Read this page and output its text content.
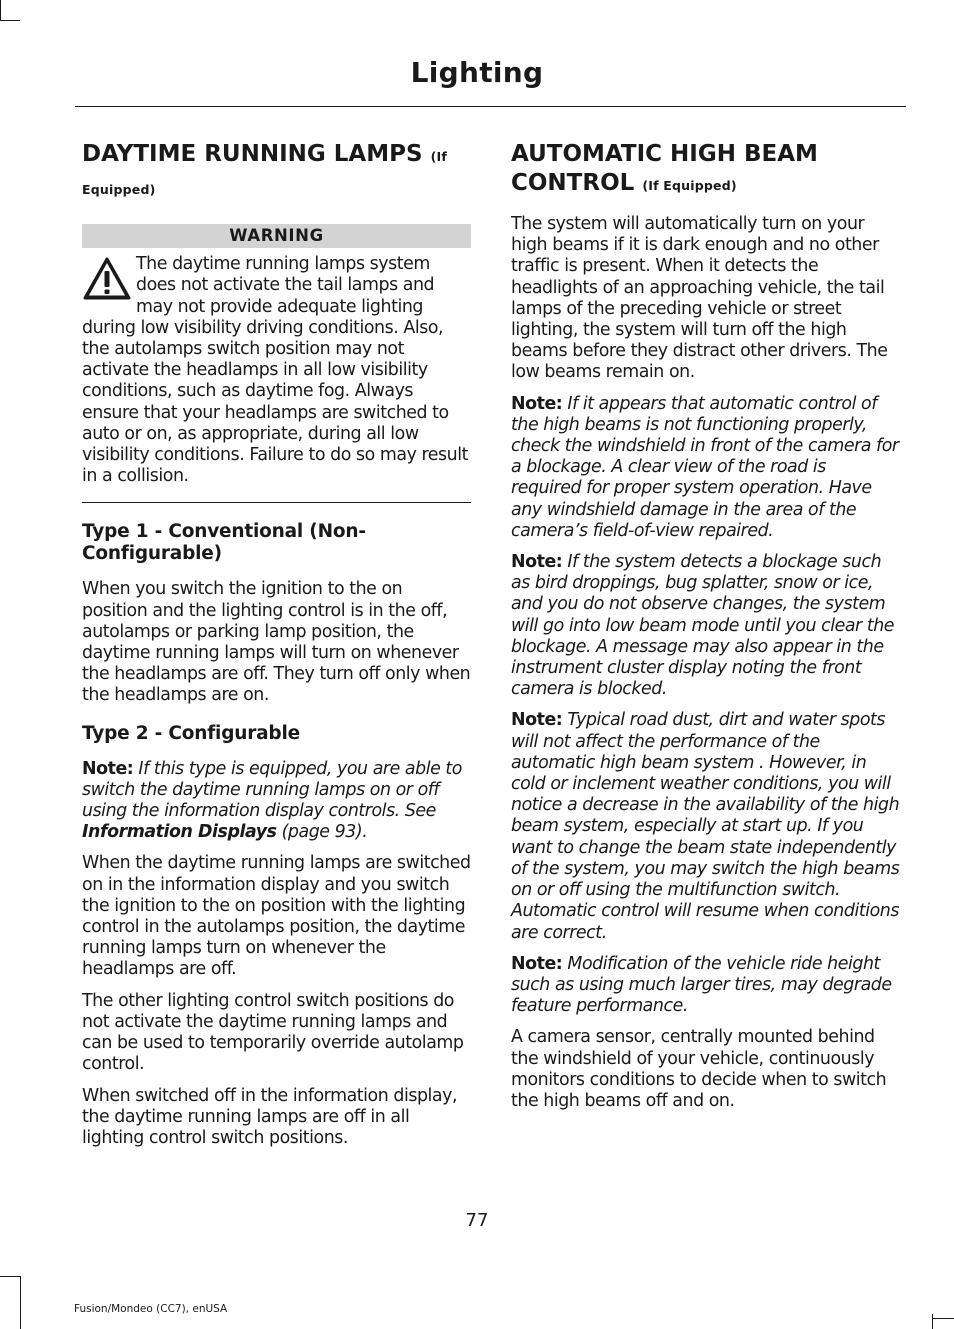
Lighting
DAYTIME RUNNING LAMPS (If
Equipped)
WARNING
The daytime running lamps system does not activate the tail lamps and may not provide adequate lighting during low visibility driving conditions. Also, the autolamps switch position may not activate the headlamps in all low visibility conditions, such as daytime fog. Always ensure that your headlamps are switched to auto or on, as appropriate, during all low visibility conditions. Failure to do so may result in a collision.
Type 1 - Conventional (Non-Configurable)

When you switch the ignition to the on position and the lighting control is in the off, autolamps or parking lamp position, the daytime running lamps will turn on whenever the headlamps are off. They turn off only when the headlamps are on.

Type 2 - Configurable

Note: If this type is equipped, you are able to switch the daytime running lamps on or off using the information display controls. See Information Displays (page 93).

When the daytime running lamps are switched on in the information display and you switch the ignition to the on position with the lighting control in the autolamps position, the daytime running lamps turn on whenever the headlamps are off.

The other lighting control switch positions do not activate the daytime running lamps and can be used to temporarily override autolamp control.

When switched off in the information display, the daytime running lamps are off in all lighting control switch positions.

AUTOMATIC HIGH BEAM
CONTROL (If Equipped)

The system will automatically turn on your high beams if it is dark enough and no other traffic is present. When it detects the headlights of an approaching vehicle, the tail lamps of the preceding vehicle or street lighting, the system will turn off the high beams before they distract other drivers. The low beams remain on.

Note: If it appears that automatic control of the high beams is not functioning properly, check the windshield in front of the camera for a blockage. A clear view of the road is required for proper system operation. Have any windshield damage in the area of the camera’s field-of-view repaired.

Note: If the system detects a blockage such as bird droppings, bug splatter, snow or ice, and you do not observe changes, the system will go into low beam mode until you clear the blockage. A message may also appear in the instrument cluster display noting the front camera is blocked.

Note: Typical road dust, dirt and water spots will not affect the performance of the automatic high beam system . However, in cold or inclement weather conditions, you will notice a decrease in the availability of the high beam system, especially at start up. If you want to change the beam state independently of the system, you may switch the high beams on or off using the multifunction switch. Automatic control will resume when conditions are correct.

Note: Modification of the vehicle ride height such as using much larger tires, may degrade feature performance.

A camera sensor, centrally mounted behind the windshield of your vehicle, continuously monitors conditions to decide when to switch the high beams off and on.

77
Fusion/Mondeo (CC7), enUSA
